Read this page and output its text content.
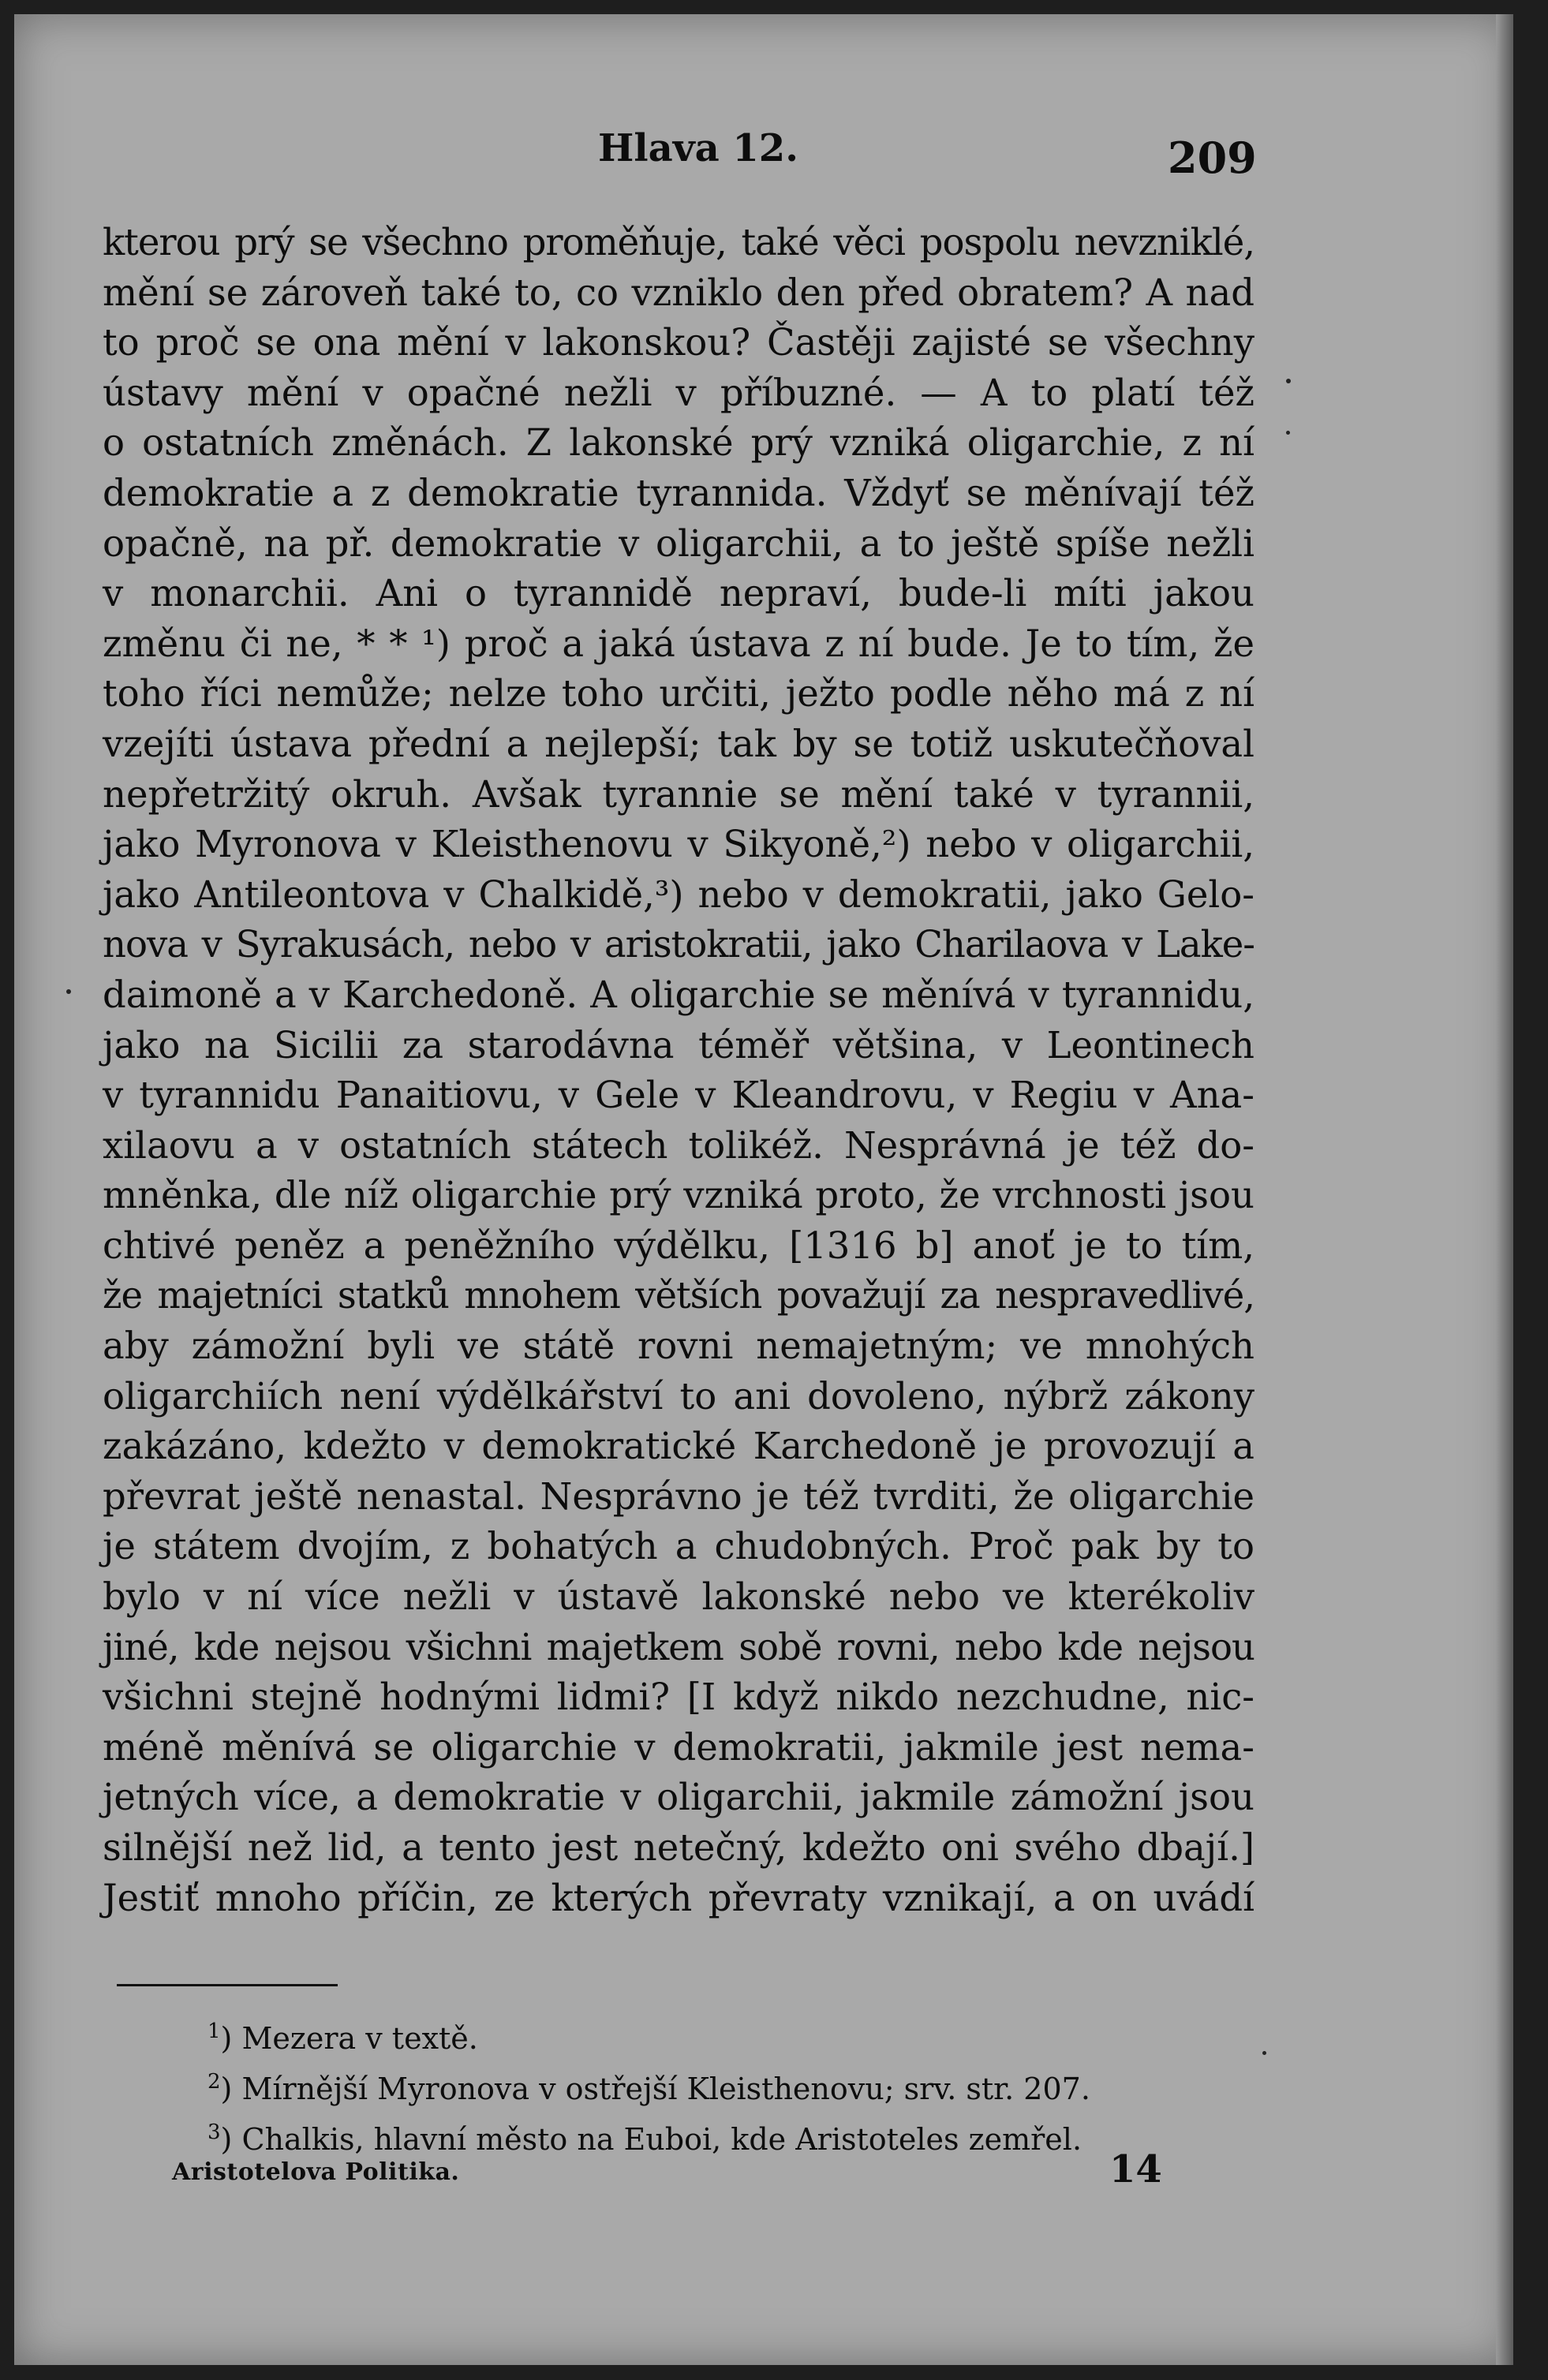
Hlava 12.	209
kterou prý se všechno proměňuje, také věci pospolu nevzniklé,
mění se zároveň také to, co vzniklo den před obratem? A nad
to proč se ona mění v lakonskou? Častěji zajisté se všechny
ústavy mění v opačné nežli v příbuzné. — A to platí též
o ostatních změnách. Z lakonské prý vzniká oligarchie, z ní
demokratie a z demokratie tyrannida. Vždyť se měnívají též
opačně, na př. demokratie v oligarchii, a to ještě spíše nežli
v monarchii. Ani o tyrannidě nepraví, bude-li míti jakou
změnu či ne, * * ¹) proč a jaká ústava z ní bude. Je to tím, že
toho říci nemůže; nelze toho určiti, ježto podle něho má z ní
vzejíti ústava přední a nejlepší; tak by se totiž uskutečňoval
nepřetržitý okruh. Avšak tyrannie se mění také v tyrannii,
jako Myronova v Kleisthenovu v Sikyoně,²) nebo v oligarchii,
jako Antileontova v Chalkidě,³) nebo v demokratii, jako Gelo-
nova v Syrakusách, nebo v aristokratii, jako Charilaova v Lake-
daimoně a v Karchedoně. A oligarchie se měnívá v tyrannidu,
jako na Sicilii za starodávna téměř většina, v Leontinech
v tyrannidu Panaitiovu, v Gele v Kleandrovu, v Regiu v Ana-
xilaovu a v ostatních státech tolikéž. Nesprávná je též do-
mněnka, dle níž oligarchie prý vzniká proto, že vrchnosti jsou
chtivé peněz a peněžního výdělku, [1316 b] anoť je to tím,
že majetníci statků mnohem větších považují za nespravedlivé,
aby zámožní byli ve státě rovni nemajetným; ve mnohých
oligarchiích není výdělkářství to ani dovoleno, nýbrž zákony
zakázáno, kdežto v demokratické Karchedoně je provozují a
převrat ještě nenastal. Nesprávno je též tvrditi, že oligarchie
je státem dvojím, z bohatých a chudobných. Proč pak by to
bylo v ní více nežli v ústavě lakonské nebo ve kterékoliv
jiné, kde nejsou všichni majetkem sobě rovni, nebo kde nejsou
všichni stejně hodnými lidmi? [I když nikdo nezchudne, nic-
méně měnívá se oligarchie v demokratii, jakmile jest nema-
jetných více, a demokratie v oligarchii, jakmile zámožní jsou
silnější než lid, a tento jest netečný, kdežto oni svého dbají.]
Jestiť mnoho příčin, ze kterých převraty vznikají, a on uvádí
$^1$) Mezera v textě.
$^2$) Mírnější Myronova v ostřejší Kleisthenovu; srv. str. 207.
$^3$) Chalkis, hlavní město na Euboi, kde Aristoteles zemřel.
Aristotelova Politika.	14
